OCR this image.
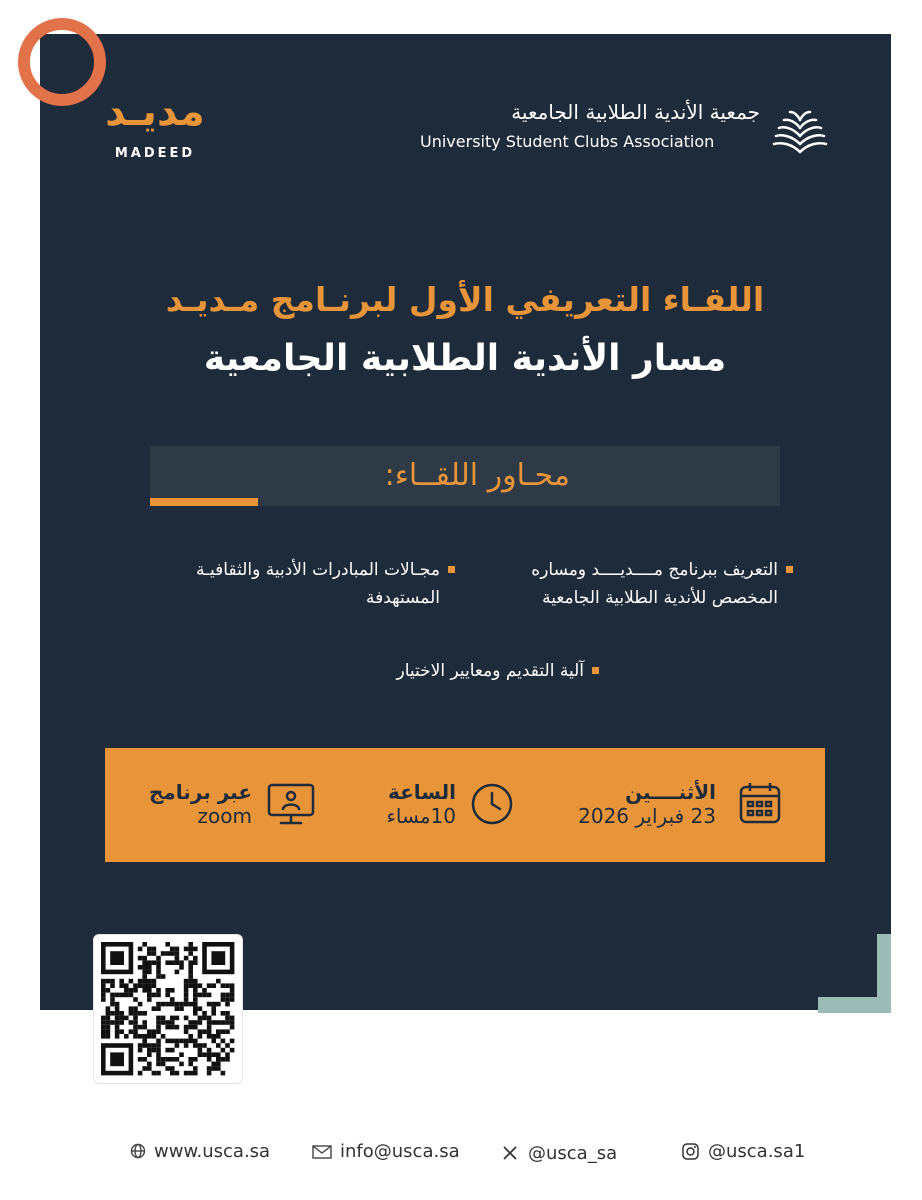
مديـد
MADEED
جمعية الأندية الطلابية الجامعية
University Student Clubs Association
اللقـاء التعريفي الأول لبرنـامج مـديـد
مسار الأندية الطلابية الجامعية
محـاور اللقــاء:
التعريف ببرنامج مــــديــــد ومساره
المخصص للأندية الطلابية الجامعية
مجـالات المبادرات الأدبية والثقافيـة
المستهدفة
آلية التقديم ومعايير الاختيار
الأثنــــين
23 فبراير 2026
الساعة
10مساء
عبر برنامج
zoom
www.usca.sa	info@usca.sa	@usca_sa	@usca.sa1
